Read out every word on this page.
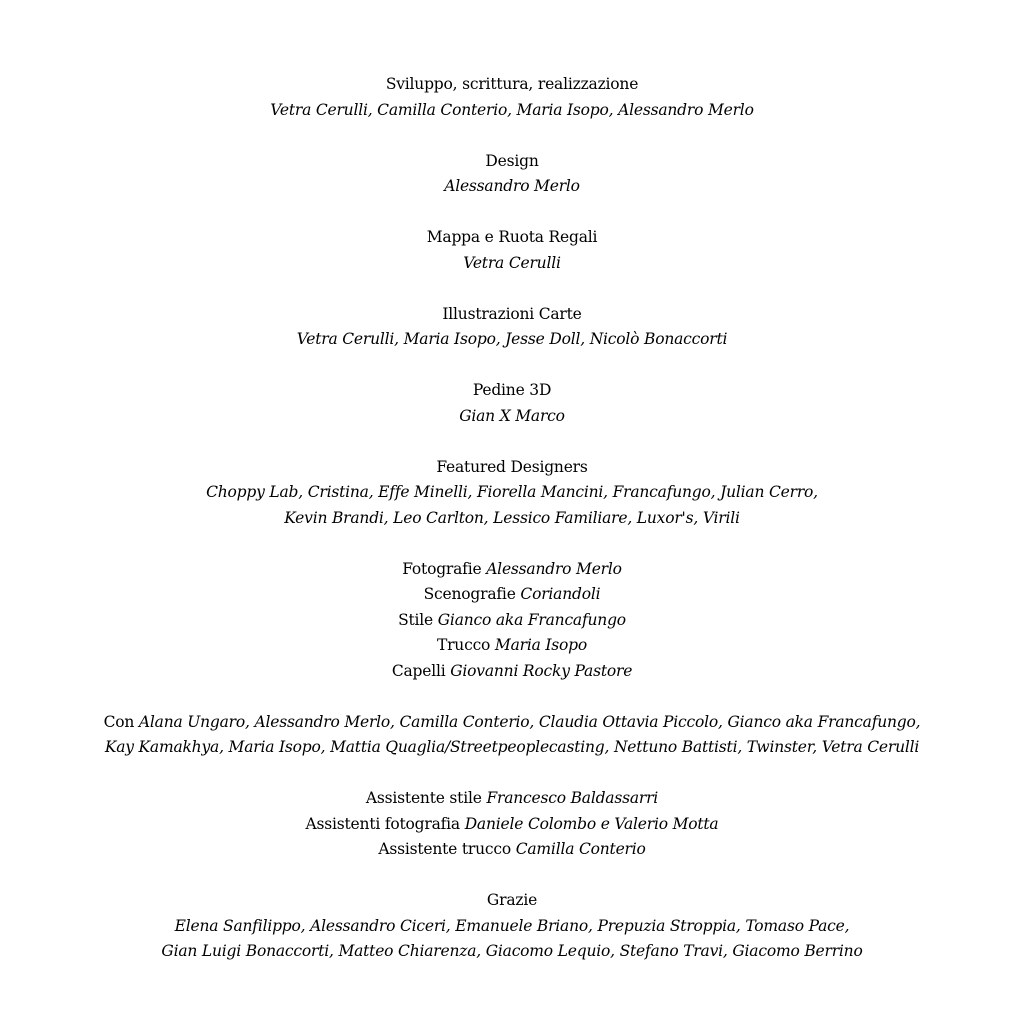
Sviluppo, scrittura, realizzazione
Vetra Cerulli, Camilla Conterio, Maria Isopo, Alessandro Merlo
Design
Alessandro Merlo
Mappa e Ruota Regali
Vetra Cerulli
Illustrazioni Carte
Vetra Cerulli, Maria Isopo, Jesse Doll, Nicolò Bonaccorti
Pedine 3D
Gian X Marco
Featured Designers
Choppy Lab, Cristina, Effe Minelli, Fiorella Mancini, Francafungo, Julian Cerro,
Kevin Brandi, Leo Carlton, Lessico Familiare, Luxor's, Virili
Fotografie Alessandro Merlo
Scenografie Coriandoli
Stile Gianco aka Francafungo
Trucco Maria Isopo
Capelli Giovanni Rocky Pastore
Con Alana Ungaro, Alessandro Merlo, Camilla Conterio, Claudia Ottavia Piccolo, Gianco aka Francafungo,
Kay Kamakhya, Maria Isopo, Mattia Quaglia/Streetpeoplecasting, Nettuno Battisti, Twinster, Vetra Cerulli
Assistente stile Francesco Baldassarri
Assistenti fotografia Daniele Colombo e Valerio Motta
Assistente trucco Camilla Conterio
Grazie
Elena Sanfilippo, Alessandro Ciceri, Emanuele Briano, Prepuzia Stroppia, Tomaso Pace,
Gian Luigi Bonaccorti, Matteo Chiarenza, Giacomo Lequio, Stefano Travi, Giacomo Berrino
